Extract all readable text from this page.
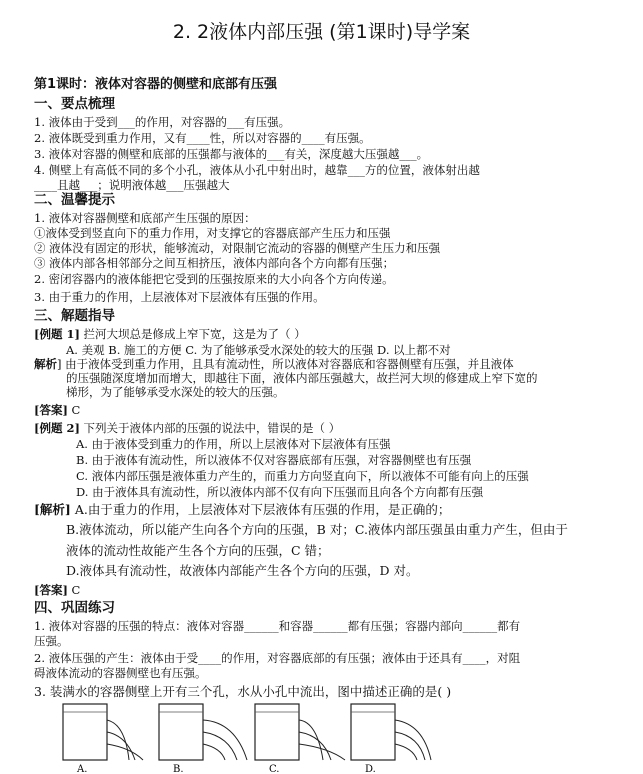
2. 2液体内部压强 (第1课时)导学案
第1课时：液体对容器的侧壁和底部有压强
一、要点梳理
1. 液体由于受到___的作用，对容器的___有压强。
2. 液体既受到重力作用，又有____性，所以对容器的____有压强。
3. 液体对容器的侧壁和底部的压强都与液体的___有关，深度越大压强越___。
4. 侧壁上有高低不同的多个小孔，液体从小孔中射出时，越靠___方的位置，液体射出越
____且越___；说明液体越___压强越大
二、温馨提示
1. 液体对容器侧壁和底部产生压强的原因：
①液体受到竖直向下的重力作用，对支撑它的容器底部产生压力和压强
② 液体没有固定的形状，能够流动，对限制它流动的容器的侧壁产生压力和压强
③ 液体内部各相邻部分之间互相挤压，液体内部向各个方向都有压强；
2. 密闭容器内的液体能把它受到的压强按原来的大小向各个方向传递。
3. 由于重力的作用，上层液体对下层液体有压强的作用。
三、解题指导
[例题 1] 拦河大坝总是修成上窄下宽，这是为了（ ）
A. 美观 B. 施工的方便 C. 为了能够承受水深处的较大的压强 D. 以上都不对
解析] 由于液体受到重力作用，且具有流动性，所以液体对容器底和容器侧壁有压强，并且液体
的压强随深度增加而增大，即越往下面，液体内部压强越大，故拦河大坝的修建成上窄下宽的
梯形，为了能够承受水深处的较大的压强。
[答案] C
[例题 2] 下列关于液体内部的压强的说法中，错误的是（ ）
A. 由于液体受到重力的作用，所以上层液体对下层液体有压强
B. 由于液体有流动性，所以液体不仅对容器底部有压强，对容器侧壁也有压强
C. 液体内部压强是液体重力产生的，而重力方向竖直向下，所以液体不可能有向上的压强
D. 由于液体具有流动性，所以液体内部不仅有向下压强而且向各个方向都有压强
[解析] A.由于重力的作用，上层液体对下层液体有压强的作用，是正确的；
B.液体流动，所以能产生向各个方向的压强，B 对；C.液体内部压强虽由重力产生，但由于
液体的流动性故能产生各个方向的压强，C 错；
D.液体具有流动性，故液体内部能产生各个方向的压强，D 对。
[答案] C
四、巩固练习
1. 液体对容器的压强的特点：液体对容器______和容器______都有压强；容器内部向______都有
压强。
2. 液体压强的产生：液体由于受____的作用，对容器底部的有压强；液体由于还具有____，对阻
碍液体流动的容器侧壁也有压强。
3. 装满水的容器侧壁上开有三个孔，水从小孔中流出，图中描述正确的是( )
A.	B.	C.	D.
